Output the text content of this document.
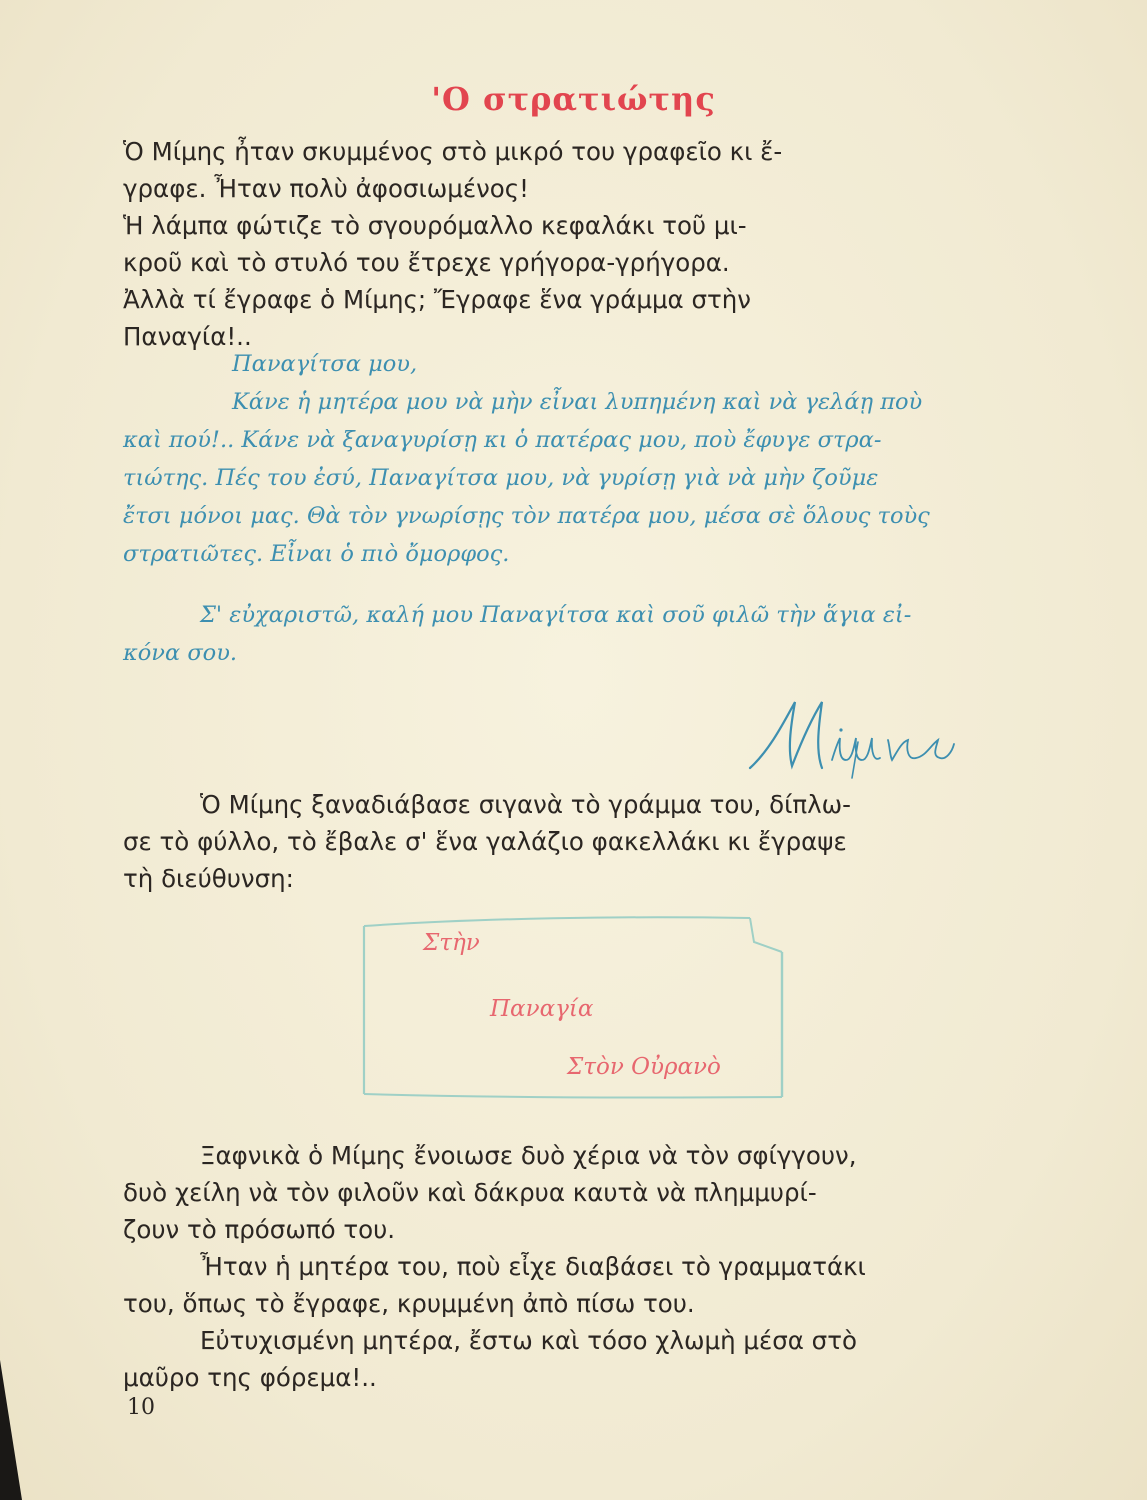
'Ο στρατιώτης

Ὁ Μίμης ἦταν σκυμμένος στὸ μικρό του γραφεῖο κι ἔ-
γραφε. Ἦταν πολὺ ἀφοσιωμένος!
Ἡ λάμπα φώτιζε τὸ σγουρόμαλλο κεφαλάκι τοῦ μι-
κροῦ καὶ τὸ στυλό του ἔτρεχε γρήγορα-γρήγορα.
Ἀλλὰ τί ἔγραφε ὁ Μίμης; Ἔγραφε ἕνα γράμμα στὴν
Παναγία!..

Παναγίτσα μου,
Κάνε ἡ μητέρα μου νὰ μὴν εἶναι λυπημένη καὶ νὰ γελάῃ ποὺ
καὶ πού!.. Κάνε νὰ ξαναγυρίσῃ κι ὁ πατέρας μου, ποὺ ἔφυγε στρα-
τιώτης. Πές του ἐσύ, Παναγίτσα μου, νὰ γυρίσῃ γιὰ νὰ μὴν ζοῦμε
ἔτσι μόνοι μας. Θὰ τὸν γνωρίσῃς τὸν πατέρα μου, μέσα σὲ ὅλους τοὺς
στρατιῶτες. Εἶναι ὁ πιὸ ὄμορφος.
Σ' εὐχαριστῶ, καλή μου Παναγίτσα καὶ σοῦ φιλῶ τὴν ἅγια εἰ-
κόνα σου.

Ὁ Μίμης ξαναδιάβασε σιγανὰ τὸ γράμμα του, δίπλω-
σε τὸ φύλλο, τὸ ἔβαλε σ' ἕνα γαλάζιο φακελλάκι κι ἔγραψε
τὴ διεύθυνση:

Στὴν
Παναγία
Στὸν Οὐρανὸ

Ξαφνικὰ ὁ Μίμης ἔνοιωσε δυὸ χέρια νὰ τὸν σφίγγουν,
δυὸ χείλη νὰ τὸν φιλοῦν καὶ δάκρυα καυτὰ νὰ πλημμυρί-
ζουν τὸ πρόσωπό του.
Ἦταν ἡ μητέρα του, ποὺ εἶχε διαβάσει τὸ γραμματάκι
του, ὅπως τὸ ἔγραφε, κρυμμένη ἀπὸ πίσω του.
Εὐτυχισμένη μητέρα, ἔστω καὶ τόσο χλωμὴ μέσα στὸ
μαῦρο της φόρεμα!..

10
